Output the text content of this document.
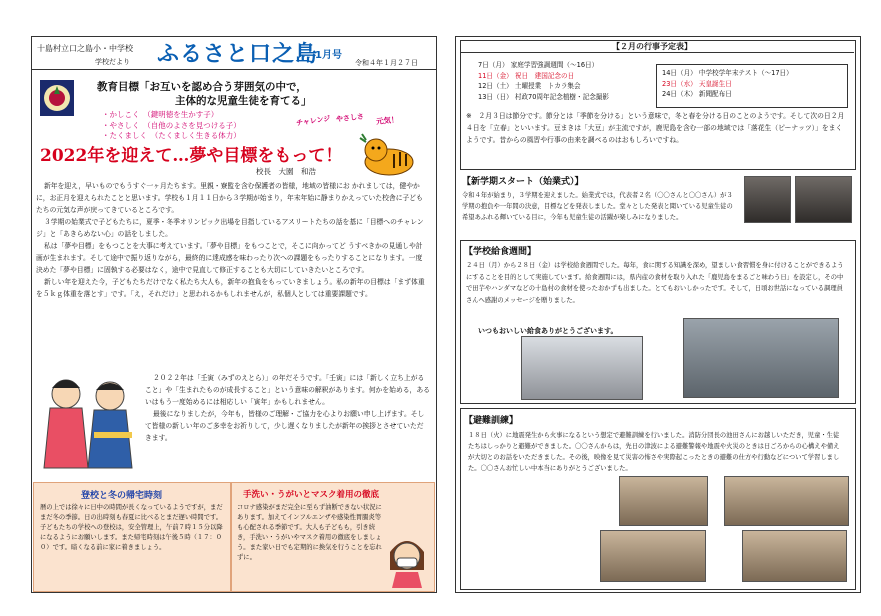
十島村立口之島小・中学校
学校だより ふるさと口之島
1月号
令和４年１月２７日
教育目標「お互いを認め合う芽囲気の中で，
主体的な児童生徒を育てる」
・かしこく　（鍵明徳を生かす子）
・やさしく　（自他のよさを見つける子）
・たくましく　（たくましく生きる体力）
チャレンジ やさしさ 元気！
2022年を迎えて…夢や目標をもって！
校長　大園　和浩

新年を迎え，早いものでもうすぐ一ヶ月たちます。里親・寮監を含む保護者の皆様，地域の皆様にお かれましては，健やかに，お正月を迎えられたことと思います。学校も１月１１日から３学期が始まり，年末年始に静まりかえっていた校舎に子どもたちの元気な声が戻ってきているところです。

３学期の始業式で子どもたちに，夏季・冬季オリンピック出場を目指しているアスリートたちの話を基に「目標へのチャレンジ」と「あきらめない心」の話をしました。

私は「夢や目標」をもつことを大事に考えています。「夢や目標」をもつことで，そこに向かってど うすべきかの見通しや計画が生まれます。そして途中で振り返りながら，最終的に達成感を味わったり次への課題をもったりすることになります。一度決めた「夢や目標」に固執する必要はなく，途中で見直して修正することも大切にしていきたいところです。

新しい年を迎えた今，子どもたちだけでなく私たち大人も，新年の抱負をもっていきましょう。私の新年の目標は「まず体重を５ｋｇ体重を落とす」です。「え，それだけ」と思われるかもしれませんが，私個人としては重要課題です。

２０２２年は「壬寅（みずのえとら）」の年だそうです。「壬寅」には「新しく立ち上がること」や「生まれたものが成長すること」という意味の解釈があります。何かを始める，あるいはもう一度始めるには相応しい「寅年」かもしれません。

最後になりましたが，今年も，皆様のご理解・ご協力を心よりお願い申し上げます。そして皆様の新しい年のご多幸をお祈りして，少し遅くなりましたが新年の挨拶とさせていただきます。

登校と冬の帰宅時刻
暦の上では徐々に日中の時間が長くなっているようですが，まだまだ冬の季節。日の出時刻も春夏に比べるとまだ遅い時間です。子どもたちの学校への登校は，安全管理上，午前７時１５分以降になるようにお願いします。また帰宅時刻は午後５時（１７：００）です。暗くなる前に家に着きましょう。
手洗い・うがいとマスク着用の徹底
コロナ感染がまだ完全に至らず油断できない状況にあります。加えてインフルエンザや感染性胃腸炎等も心配される季節です。大人も子どもも，引き続き，手洗い・うがいやマスク着用の徹底をしましょう。また家い日でも定期的に換気を行うことを忘れずに。
【２月の行事予定表】
7日（月） 家庭学習強調週間（〜16日）
11日（金） 祝日　建国記念の日
12日（土） 土曜授業　トカラ集会
13日（日） 村政70周年記念植樹・記念撮影
14日（月） 中学校学年末テスト（〜17日）
23日（水） 天皇誕生日
24日（木） 新聞配布日
※　２月３日は節分です。節分とは「季節を分ける」という意味で，冬と春を分ける日のことのようです。そして次の日２月４日を「立春」といいます。豆まきは「大豆」が主流ですが，鹿児島を含む一部の地域では「落花生（ピーナッツ）」をまくようです。昔からの風習や行事の由来を調べるのはおもしろいですね。
【新学期スタート（始業式）】
令和４年が始まり，３学期を迎えました。始業式では，代表者２名（〇〇さんと〇〇さん）が３学期の抱負や一年間の決意，目標などを発表しました。堂々とした発表と聞いている児童生徒の希望あふれる輝いている目に，今年も児童生徒の活躍が楽しみになりました。
【学校給食週間】
２４日（月）から２８日（金）は学校給食週間でした。毎年，食に関する知識を深め，望ましい食習慣を身に付けることができるようにすることを目的として実施しています。給食週間には，県内産の食材を取り入れた「鹿児島をまるごと味わう日」を設定し，その中で田芋やハンダマなどの十島村の食材を使ったおかずも出ました。とてもおいしかったです。そして，日頃お世話になっている調理員さんへ感謝のメッセージを贈りました。
いつもおいしい給食ありがとうございます。
【避難訓練】
１８日（火）に地震発生から火事になるという想定で避難訓練を行いました。消防分団長の池田さんにお越しいただき，児童・生徒たちはしっかりと避難ができました。〇〇さんからは，先日の津波による避難警報や地震や火災のときは日ごろからの心構えや備えが大切とのお話をいただきました。その後，映像を見て災害の怖さや実際起こったときの避難の仕方や行動などについて学習しました。〇〇さんお忙しい中本当にありがとうございました。
